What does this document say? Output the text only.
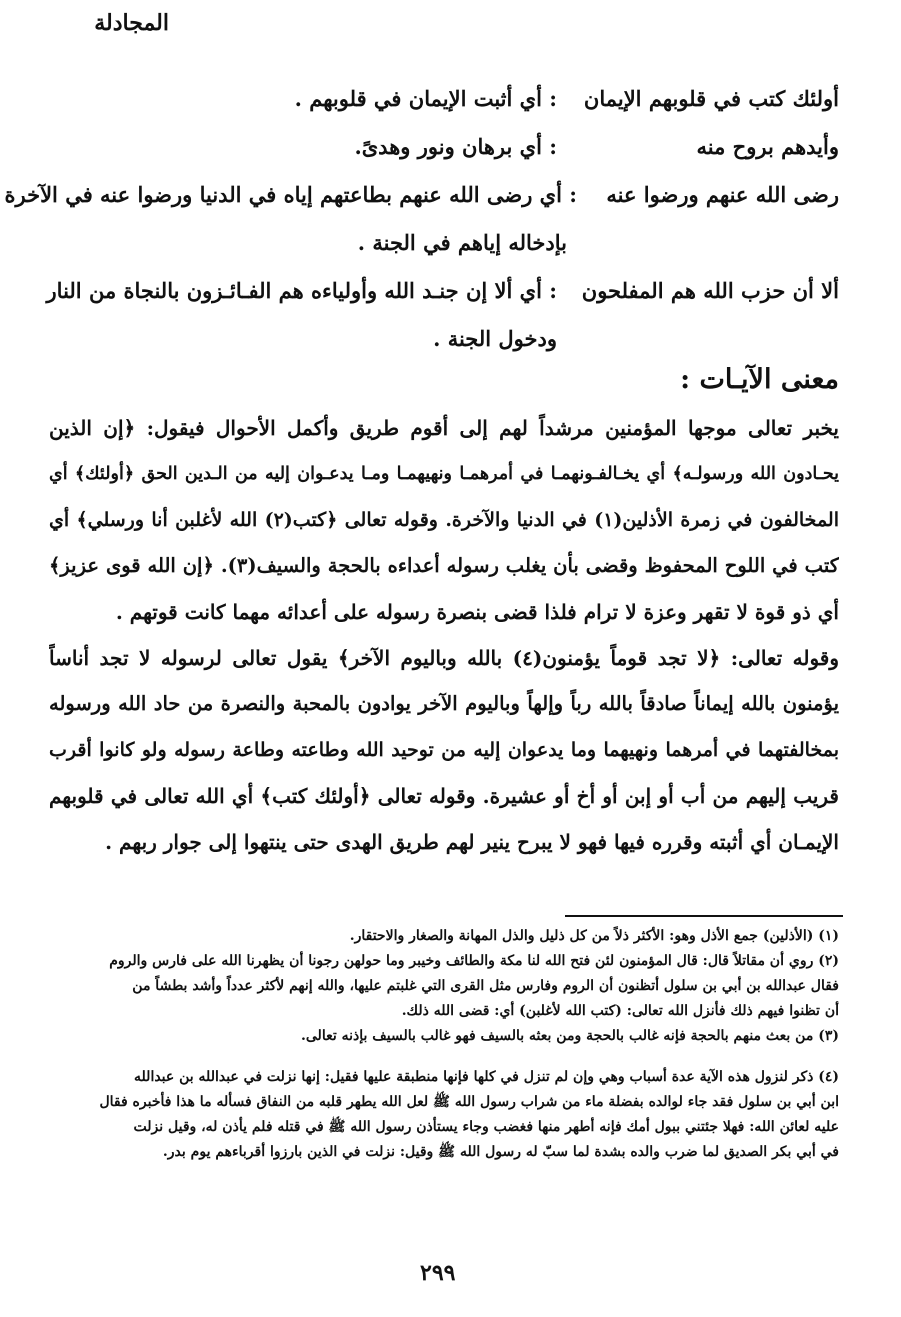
المجادلة
أولئك كتب في قلوبهم الإيمان
: أي أثبت الإيمان في قلوبهم .
وأيدهم بروح منه
: أي برهان ونور وهدىً.
رضى الله عنهم ورضوا عنه
: أي رضى الله عنهم بطاعتهم إياه في الدنيا ورضوا عنه في الآخرة
بإدخاله إياهم في الجنة .
ألا أن حزب الله هم المفلحون
: أي ألا إن جنـد الله وأولياءه هم الفـائـزون بالنجاة من النار
ودخول الجنة .
معنى الآيـات :
يخبر تعالى موجها المؤمنين مرشداً لهم إلى أقوم طريق وأكمل الأحوال فيقول: ﴿إن الذين
يحـادون الله ورسولـه﴾ أي يخـالفـونهمـا في أمرهمـا ونهيهمـا ومـا يدعـوان إليه من الـدين الحق ﴿أولئك﴾ أي
المخالفون في زمرة الأذلين(١) في الدنيا والآخرة. وقوله تعالى ﴿كتب(٢) الله لأغلبن أنا ورسلي﴾ أي
كتب في اللوح المحفوظ وقضى بأن يغلب رسوله أعداءه بالحجة والسيف(٣). ﴿إن الله قوى عزيز﴾
أي ذو قوة لا تقهر وعزة لا ترام فلذا قضى بنصرة رسوله على أعدائه مهما كانت قوتهم .
وقوله تعالى: ﴿لا تجد قوماً يؤمنون(٤) بالله وباليوم الآخر﴾ يقول تعالى لرسوله لا تجد أناساً
يؤمنون بالله إيماناً صادقاً بالله رباً وإلهاً وباليوم الآخر يوادون بالمحبة والنصرة من حاد الله ورسوله
بمخالفتهما في أمرهما ونهيهما وما يدعوان إليه من توحيد الله وطاعته وطاعة رسوله ولو كانوا أقرب
قريب إليهم من أب أو إبن أو أخ أو عشيرة. وقوله تعالى ﴿أولئك كتب﴾ أي الله تعالى في قلوبهم
الإيمـان أي أثبته وقرره فيها فهو لا يبرح ينير لهم طريق الهدى حتى ينتهوا إلى جوار ربهم .
(١) (الأذلين) جمع الأذل وهو: الأكثر ذلاً من كل ذليل والذل المهانة والصغار والاحتقار.
(٢) روي أن مقاتلاً قال: قال المؤمنون لئن فتح الله لنا مكة والطائف وخيبر وما حولهن رجونا أن يظهرنا الله على فارس والروم
فقال عبدالله بن أبي بن سلول أتظنون أن الروم وفارس مثل القرى التي غلبتم عليها، والله إنهم لأكثر عدداً وأشد بطشاً من
أن تظنوا فيهم ذلك فأنزل الله تعالى: (كتب الله لأغلبن) أي: قضى الله ذلك.
(٣) من بعث منهم بالحجة فإنه غالب بالحجة ومن بعثه بالسيف فهو غالب بالسيف بإذنه تعالى.
(٤) ذكر لنزول هذه الآية عدة أسباب وهي وإن لم تنزل في كلها فإنها منطبقة عليها فقيل: إنها نزلت في عبدالله بن عبدالله
ابن أبي بن سلول فقد جاء لوالده بفضلة ماء من شراب رسول الله ﷺ لعل الله يطهر قلبه من النفاق فسأله ما هذا فأخبره فقال
عليه لعائن الله: فهلا جئتني ببول أمك فإنه أطهر منها فغضب وجاء يستأذن رسول الله ﷺ في قتله فلم يأذن له، وقيل نزلت
في أبي بكر الصديق لما ضرب والده بشدة لما سبّ له رسول الله ﷺ وقيل: نزلت في الذين بارزوا أقرباءهم يوم بدر.
٢٩٩
